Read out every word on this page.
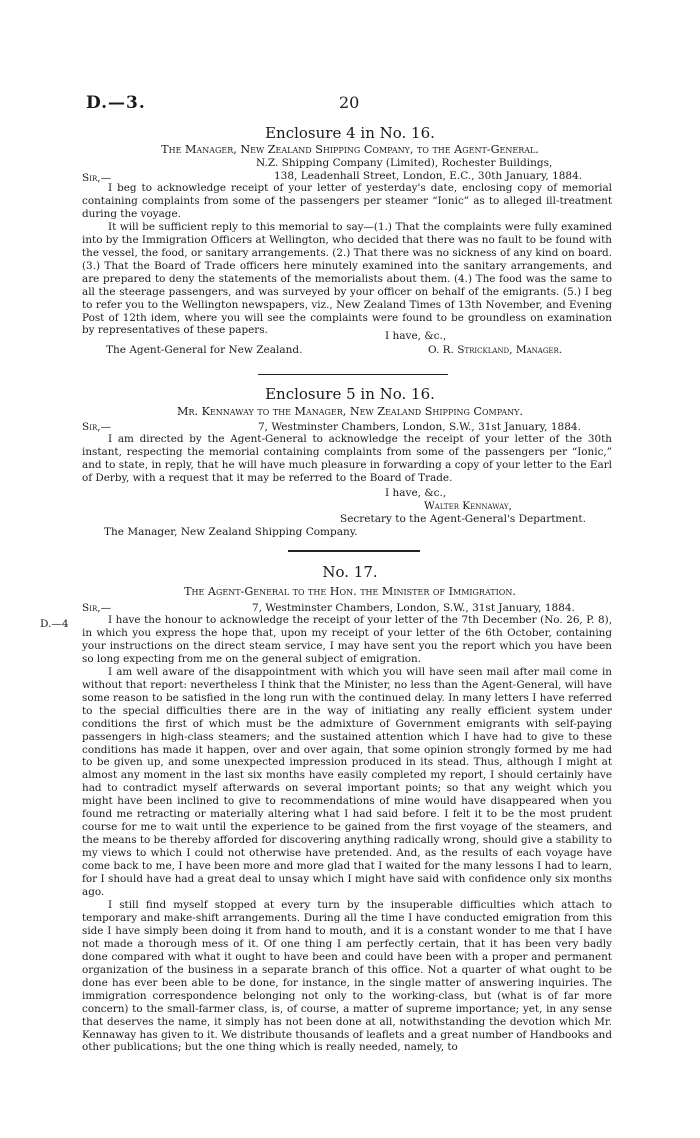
D.—3.	20
Enclosure 4 in No. 16.
The Manager, New Zealand Shipping Company, to the Agent-General.
N.Z. Shipping Company (Limited), Rochester Buildings,
138, Leadenhall Street, London, E.C., 30th January, 1884.
Sir,—

I beg to acknowledge receipt of your letter of yesterday's date, enclosing copy of memorial containing complaints from some of the passengers per steamer “Ionic” as to alleged ill-treatment during the voyage.

It will be sufficient reply to this memorial to say—(1.) That the complaints were fully examined into by the Immigration Officers at Wellington, who decided that there was no fault to be found with the vessel, the food, or sanitary arrangements. (2.) That there was no sickness of any kind on board. (3.) That the Board of Trade officers here minutely examined into the sanitary arrangements, and are prepared to deny the statements of the memorialists about them. (4.) The food was the same to all the steerage passengers, and was surveyed by your officer on behalf of the emigrants. (5.) I beg to refer you to the Wellington newspapers, viz., New Zealand Times of 13th November, and Evening Post of 12th idem, where you will see the complaints were found to be groundless on examination by representatives of these papers.	I have, &c.,
The Agent-General for New Zealand.	O. R. Strickland, Manager.
Enclosure 5 in No. 16.
Mr. Kennaway to the Manager, New Zealand Shipping Company.
Sir,—	7, Westminster Chambers, London, S.W., 31st January, 1884.

I am directed by the Agent-General to acknowledge the receipt of your letter of the 30th instant, respecting the memorial containing complaints from some of the passengers per “Ionic,” and to state, in reply, that he will have much pleasure in forwarding a copy of your letter to the Earl of Derby, with a request that it may be referred to the Board of Trade.

I have, &c.,
Walter Kennaway,
Secretary to the Agent-General's Department.
The Manager, New Zealand Shipping Company.
No. 17.
The Agent-General to the Hon. the Minister of Immigration.
Sir,—	7, Westminster Chambers, London, S.W., 31st January, 1884.
D.—4	I have the honour to acknowledge the receipt of your letter of the 7th December (No. 26, P. 8), in which you express the hope that, upon my receipt of your letter of the 6th October, containing your instructions on the direct steam service, I may have sent you the report which you have been so long expecting from me on the general subject of emigration.

I am well aware of the disappointment with which you will have seen mail after mail come in without that report: nevertheless I think that the Minister, no less than the Agent-General, will have some reason to be satisfied in the long run with the continued delay. In many letters I have referred to the special difficulties there are in the way of initiating any really efficient system under conditions the first of which must be the admixture of Government emigrants with self-paying passengers in high-class steamers; and the sustained attention which I have had to give to these conditions has made it happen, over and over again, that some opinion strongly formed by me had to be given up, and some unexpected impression produced in its stead. Thus, although I might at almost any moment in the last six months have easily completed my report, I should certainly have had to contradict myself afterwards on several important points; so that any weight which you might have been inclined to give to recommendations of mine would have disappeared when you found me retracting or materially altering what I had said before. I felt it to be the most prudent course for me to wait until the experience to be gained from the first voyage of the steamers, and the means to be thereby afforded for discovering anything radically wrong, should give a stability to my views to which I could not otherwise have pretended. And, as the results of each voyage have come back to me, I have been more and more glad that I waited for the many lessons I had to learn, for I should have had a great deal to unsay which I might have said with confidence only six months ago.

I still find myself stopped at every turn by the insuperable difficulties which attach to temporary and make-shift arrangements. During all the time I have conducted emigration from this side I have simply been doing it from hand to mouth, and it is a constant wonder to me that I have not made a thorough mess of it. Of one thing I am perfectly certain, that it has been very badly done compared with what it ought to have been and could have been with a proper and permanent organization of the business in a separate branch of this office. Not a quarter of what ought to be done has ever been able to be done, for instance, in the single matter of answering inquiries. The immigration correspondence belonging not only to the working-class, but (what is of far more concern) to the small-farmer class, is, of course, a matter of supreme importance; yet, in any sense that deserves the name, it simply has not been done at all, notwithstanding the devotion which Mr. Kennaway has given to it. We distribute thousands of leaflets and a great number of Handbooks and other publications; but the one thing which is really needed, namely, to
